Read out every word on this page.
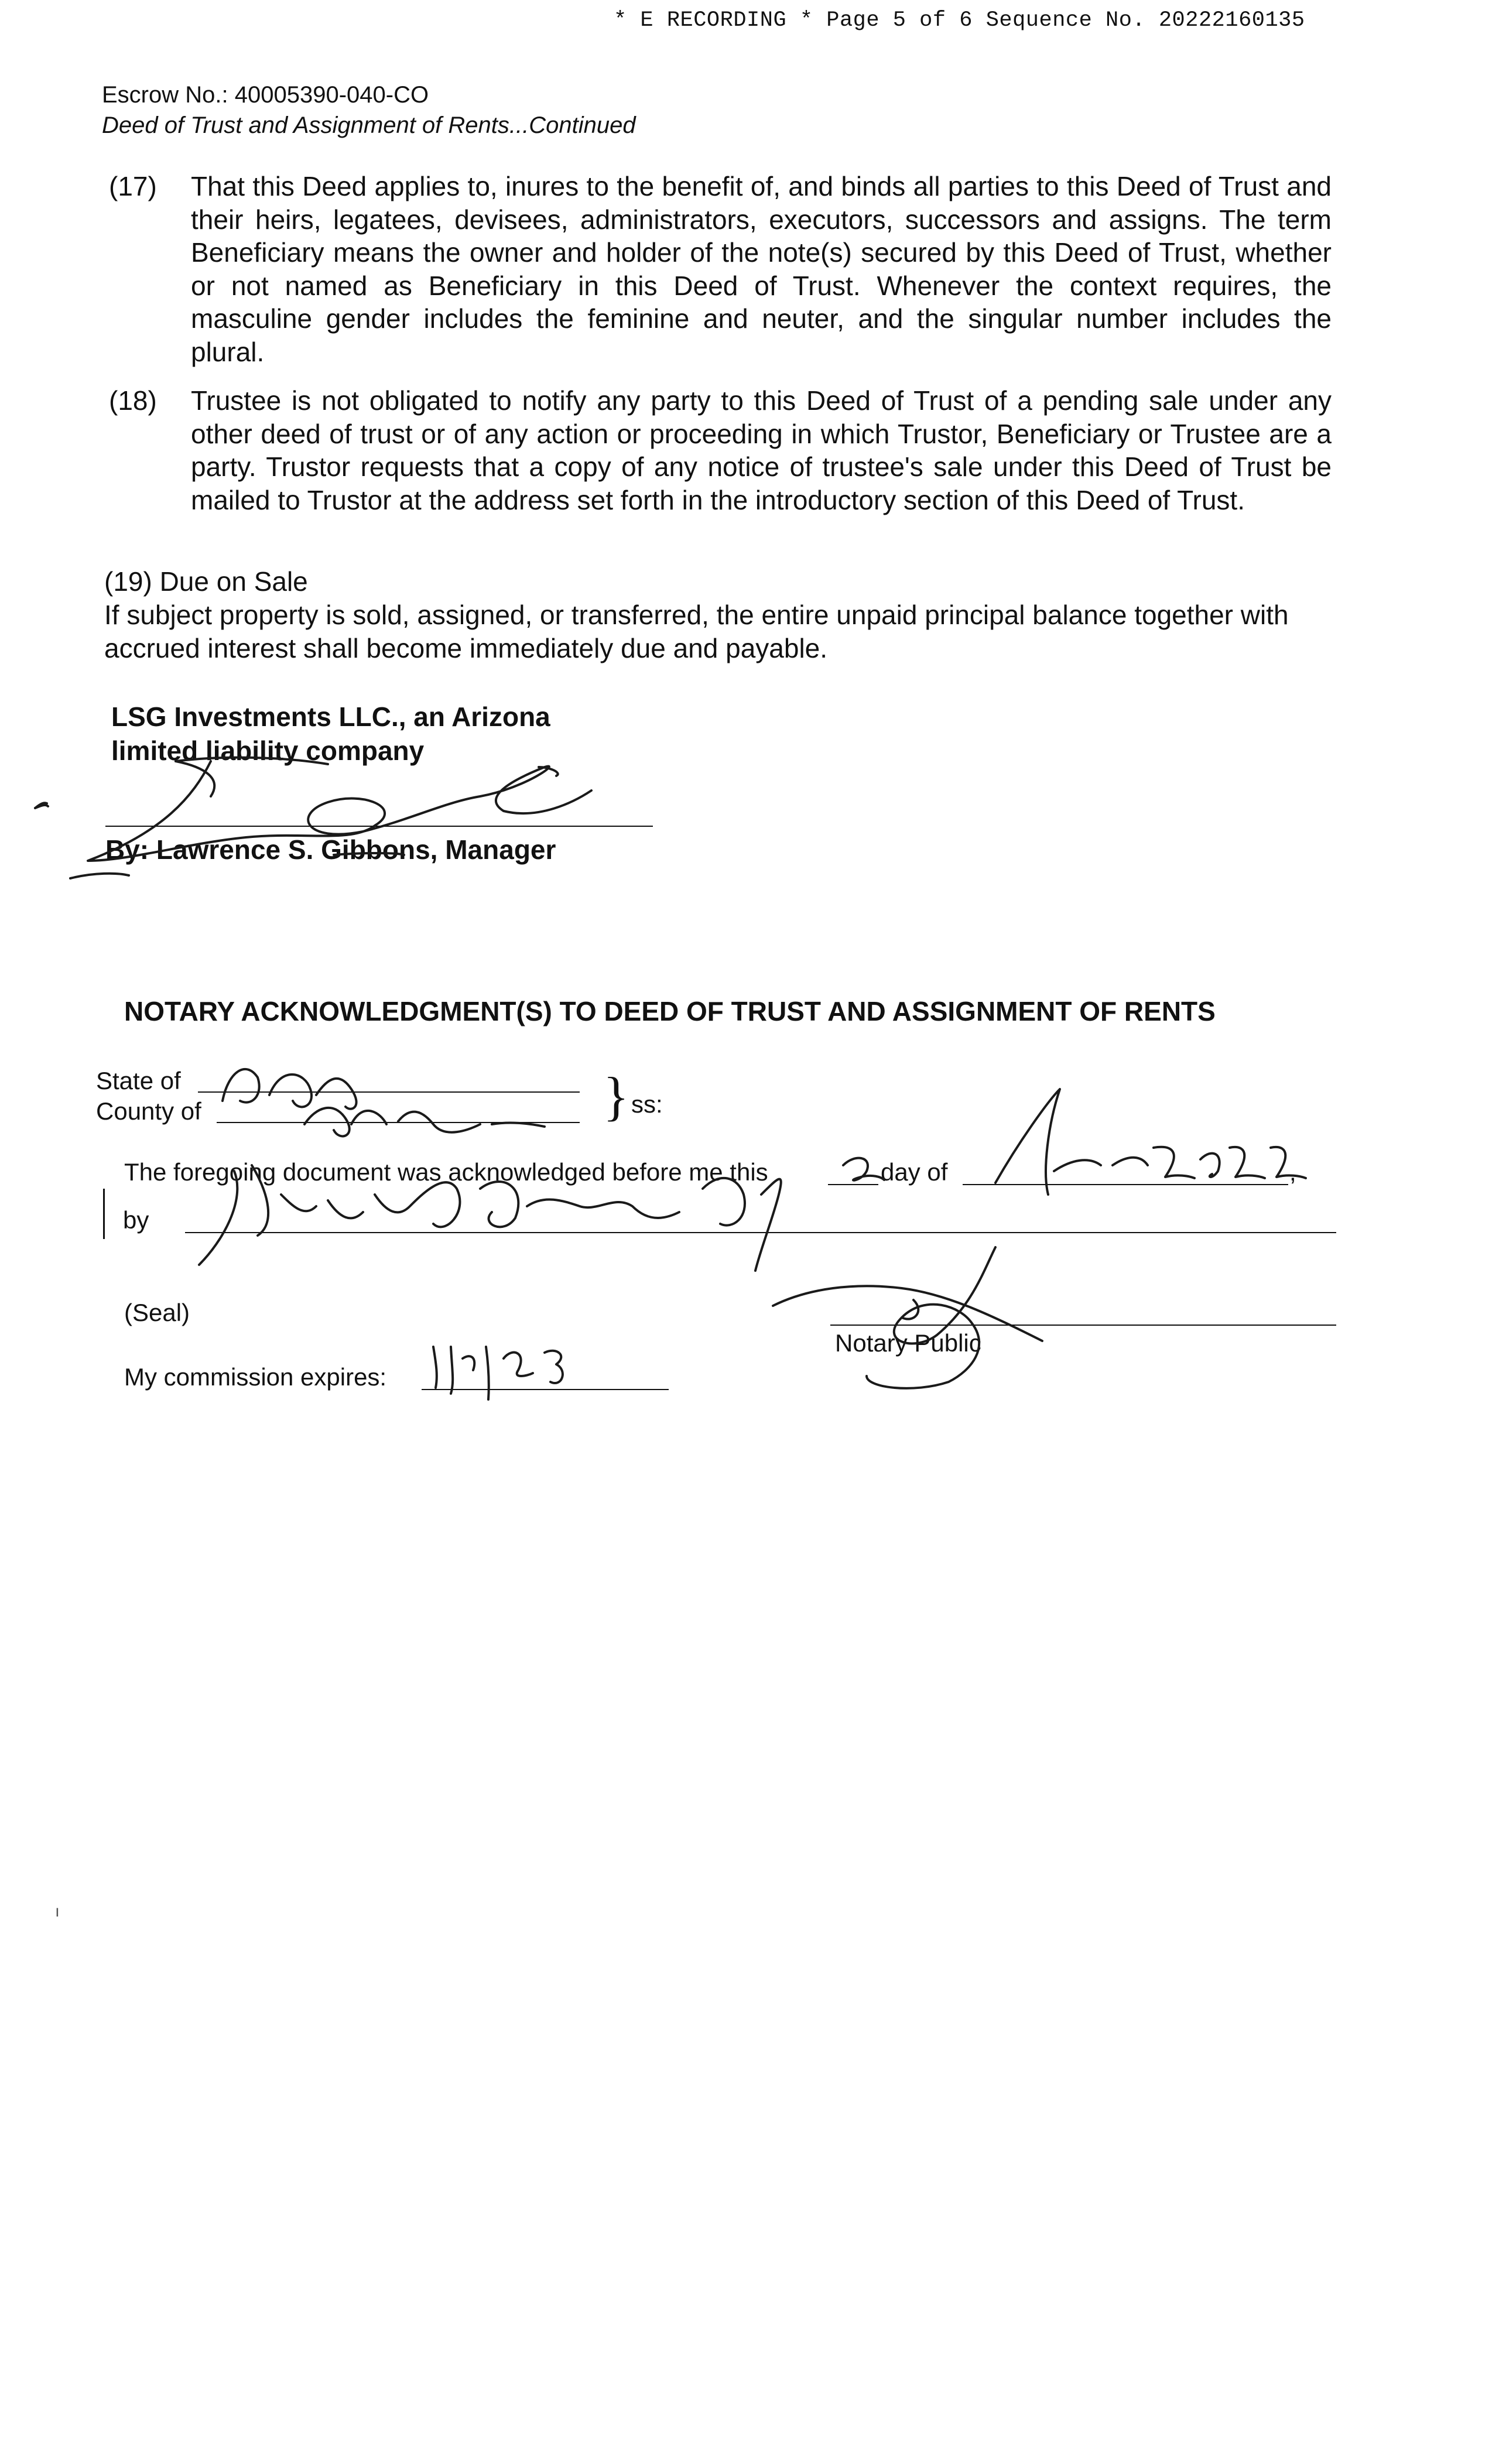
* E RECORDING * Page 5 of 6 Sequence No. 20222160135
Escrow No.: 40005390-040-CO
Deed of Trust and Assignment of Rents...Continued
(17) That this Deed applies to, inures to the benefit of, and binds all parties to this Deed of Trust and their heirs, legatees, devisees, administrators, executors, successors and assigns. The term Beneficiary means the owner and holder of the note(s) secured by this Deed of Trust, whether or not named as Beneficiary in this Deed of Trust. Whenever the context requires, the masculine gender includes the feminine and neuter, and the singular number includes the plural.
(18) Trustee is not obligated to notify any party to this Deed of Trust of a pending sale under any other deed of trust or of any action or proceeding in which Trustor, Beneficiary or Trustee are a party. Trustor requests that a copy of any notice of trustee's sale under this Deed of Trust be mailed to Trustor at the address set forth in the introductory section of this Deed of Trust.
(19) Due on Sale
If subject property is sold, assigned, or transferred, the entire unpaid principal balance together with accrued interest shall become immediately due and payable.
LSG Investments LLC., an Arizona
limited liability company
By: Lawrence S. Gibbons, Manager
NOTARY ACKNOWLEDGMENT(S) TO DEED OF TRUST AND ASSIGNMENT OF RENTS
State of
County of	} ss:
The foregoing document was acknowledged before me this	day of	,
by
(Seal)
Notary Public
My commission expires:
ı
